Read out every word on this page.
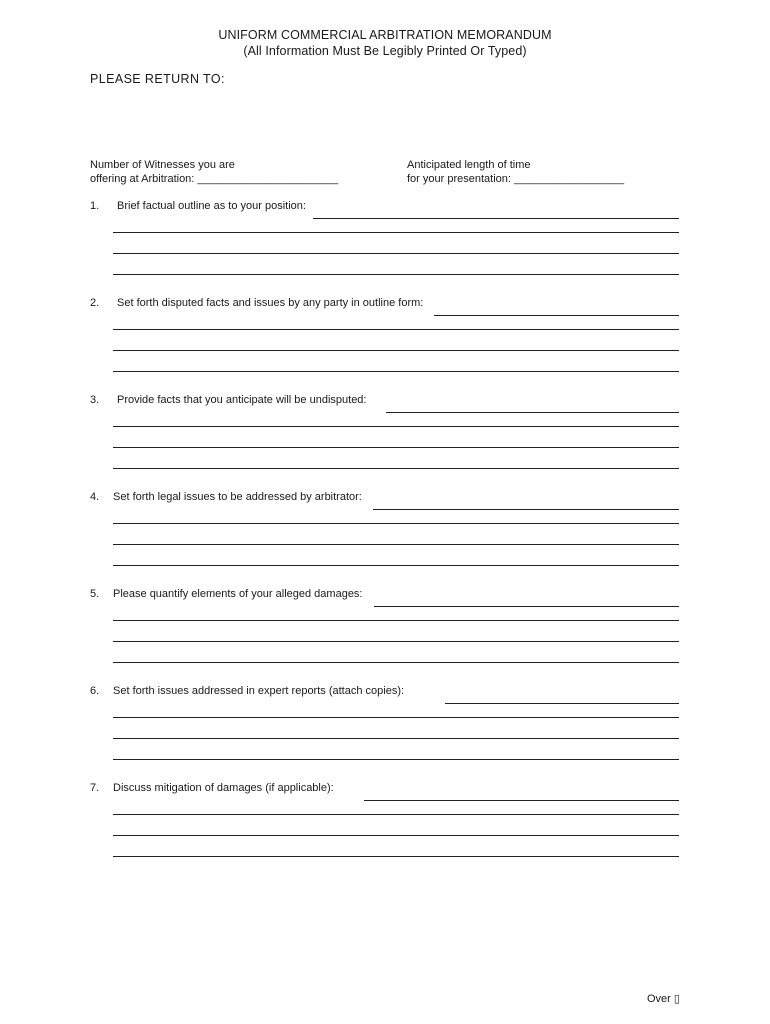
UNIFORM COMMERCIAL ARBITRATION MEMORANDUM
(All Information Must Be Legibly Printed Or Typed)
PLEASE RETURN TO:
Number of Witnesses you are
offering at Arbitration: _______________________
Anticipated length of time
for your presentation: __________________
1. Brief factual outline as to your position:
2. Set forth disputed facts and issues by any party in outline form:
3. Provide facts that you anticipate will be undisputed:
4. Set forth legal issues to be addressed by arbitrator:
5. Please quantify elements of your alleged damages:
6. Set forth issues addressed in expert reports (attach copies):
7. Discuss mitigation of damages (if applicable):
Over ▯
